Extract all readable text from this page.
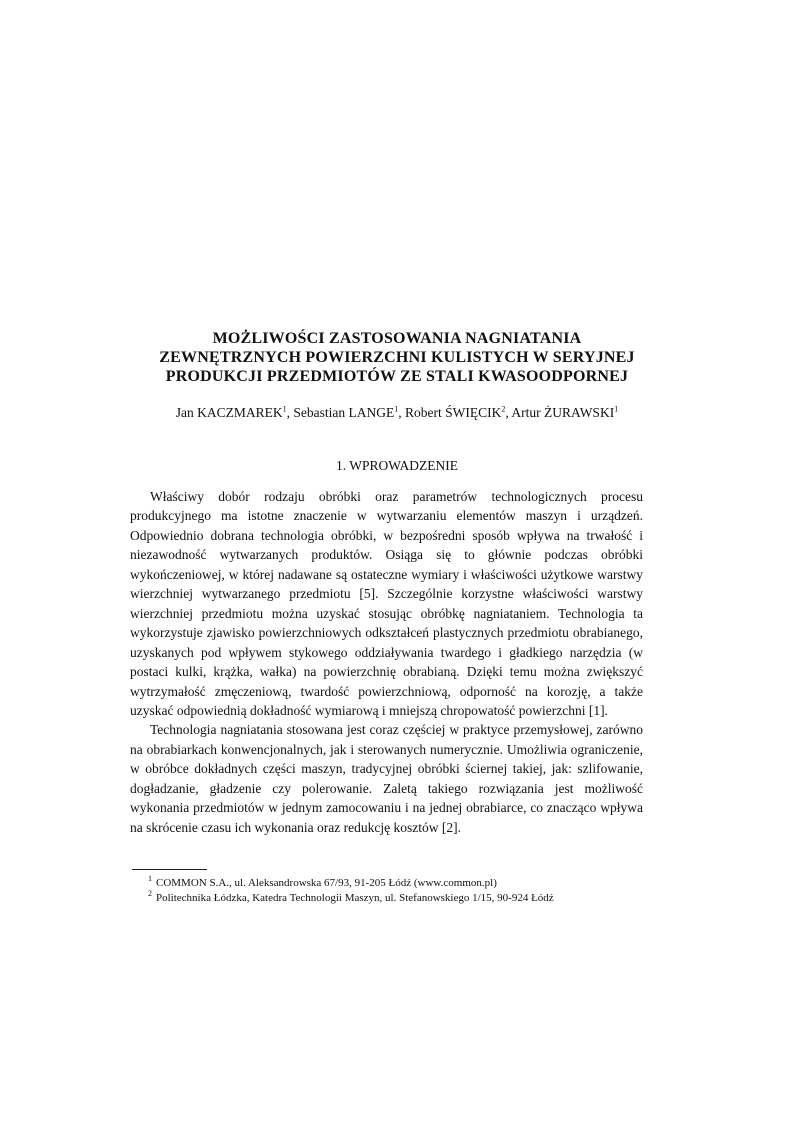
MOŻLIWOŚCI ZASTOSOWANIA NAGNIATANIA
ZEWNĘTRZNYCH POWIERZCHNI KULISTYCH W SERYJNEJ
PRODUKCJI PRZEDMIOTÓW ZE STALI KWASOODPORNEJ
Jan KACZMAREK$^1$, Sebastian LANGE$^1$, Robert ŚWIĘCIK$^2$, Artur ŻURAWSKI$^1$
1. WPROWADZENIE

Właściwy dobór rodzaju obróbki oraz parametrów technologicznych procesu produkcyjnego ma istotne znaczenie w wytwarzaniu elementów maszyn i urządzeń. Odpowiednio dobrana technologia obróbki, w bezpośredni sposób wpływa na trwałość i niezawodność wytwarzanych produktów. Osiąga się to głównie podczas obróbki wykończeniowej, w której nadawane są ostateczne wymiary i właściwości użytkowe warstwy wierzchniej wytwarzanego przedmiotu [5]. Szczególnie korzystne właściwości warstwy wierzchniej przedmiotu można uzyskać stosując obróbkę nagniataniem. Technologia ta wykorzystuje zjawisko powierzchniowych odkształceń plastycznych przedmiotu obrabianego, uzyskanych pod wpływem stykowego oddziaływania twardego i gładkiego narzędzia (w postaci kulki, krążka, wałka) na powierzchnię obrabianą. Dzięki temu można zwiększyć wytrzymałość zmęczeniową, twardość powierzchniową, odporność na korozję, a także uzyskać odpowiednią dokładność wymiarową i mniejszą chropowatość powierzchni [1].

Technologia nagniatania stosowana jest coraz częściej w praktyce przemysłowej, zarówno na obrabiarkach konwencjonalnych, jak i sterowanych numerycznie. Umożliwia ograniczenie, w obróbce dokładnych części maszyn, tradycyjnej obróbki ściernej takiej, jak: szlifowanie, dogładzanie, gładzenie czy polerowanie. Zaletą takiego rozwiązania jest możliwość wykonania przedmiotów w jednym zamocowaniu i na jednej obrabiarce, co znacząco wpływa na skrócenie czasu ich wykonania oraz redukcję kosztów [2].

$^1$ COMMON S.A., ul. Aleksandrowska 67/93, 91-205 Łódź (www.common.pl)
$^2$ Politechnika Łódzka, Katedra Technologii Maszyn, ul. Stefanowskiego 1/15, 90-924 Łódź
